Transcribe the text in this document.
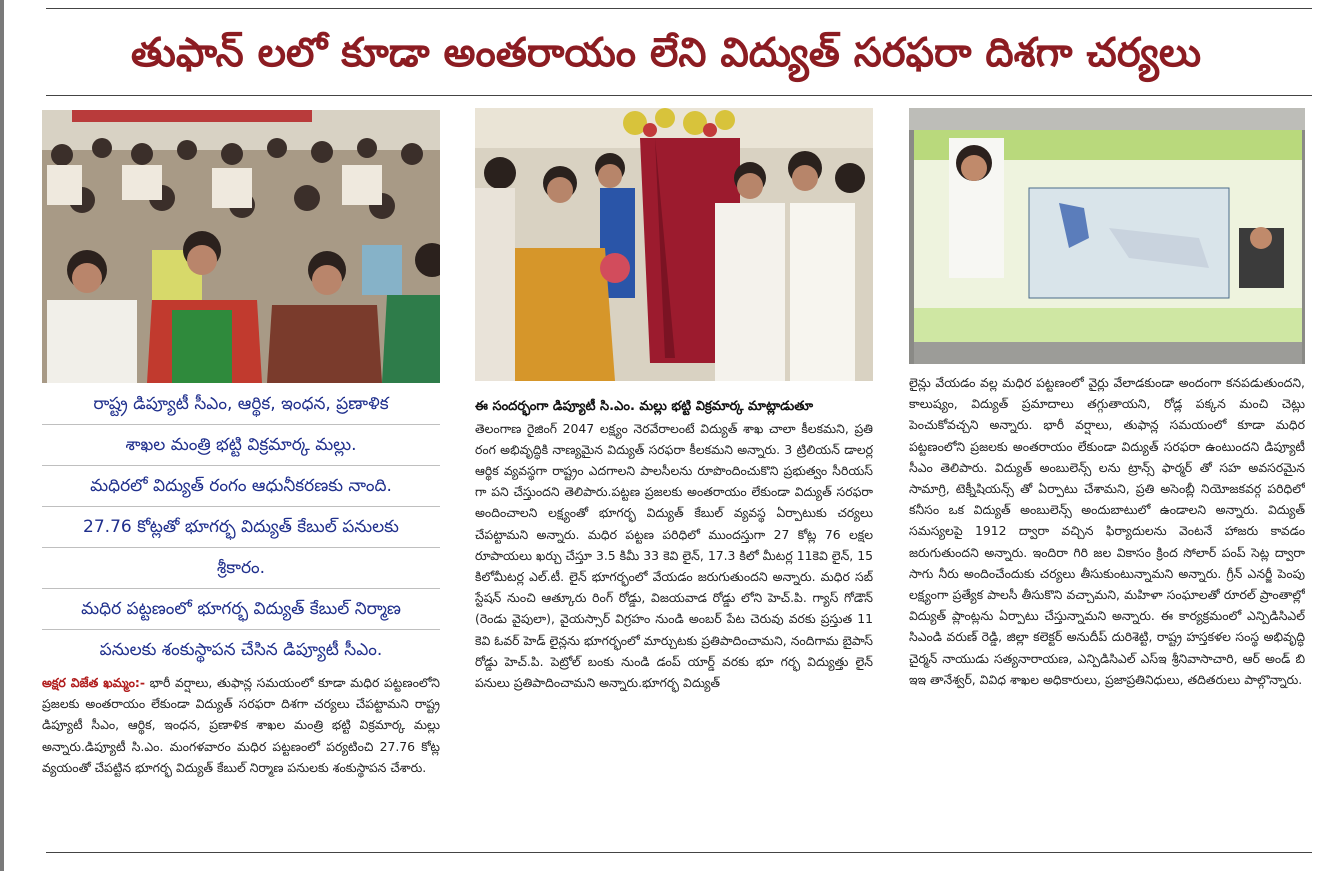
తుఫాన్ లలో కూడా అంతరాయం లేని విద్యుత్ సరఫరా దిశగా చర్యలు
రాష్ట్ర డిప్యూటీ సీఎం, ఆర్థిక, ఇంధన, ప్రణాళిక
శాఖల మంత్రి భట్టి విక్రమార్క మల్లు.
మధిరలో విద్యుత్ రంగం ఆధునీకరణకు నాంది.
27.76 కోట్లతో భూగర్భ విద్యుత్ కేబుల్ పనులకు
శ్రీకారం.
మధిర పట్టణంలో భూగర్భ విద్యుత్ కేబుల్ నిర్మాణ
పనులకు శంకుస్థాపన చేసిన డిప్యూటీ సీఎం.
అక్షర విజేత ఖమ్మం:- భారీ వర్షాలు, తుఫాన్ల సమయంలో కూడా మధిర పట్టణంలోని ప్రజలకు అంతరాయం లేకుండా విద్యుత్ సరఫరా దిశగా చర్యలు చేపట్టామని రాష్ట్ర డిప్యూటీ సీఎం, ఆర్థిక, ఇంధన, ప్రణాళిక శాఖల మంత్రి భట్టి విక్రమార్క మల్లు అన్నారు.డిప్యూటీ సి.ఎం. మంగళవారం మధిర పట్టణంలో పర్యటించి 27.76 కోట్ల వ్యయంతో చేపట్టిన భూగర్భ విద్యుత్ కేబుల్ నిర్మాణ పనులకు శంకుస్థాపన చేశారు.
ఈ సందర్భంగా డిప్యూటీ సి.ఎం. మల్లు భట్టి విక్రమార్క మాట్లాడుతూ
తెలంగాణ రైజింగ్ 2047 లక్ష్యం నెరవేరాలంటే విద్యుత్ శాఖ చాలా కీలకమని, ప్రతి రంగ అభివృద్ధికి నాణ్యమైన విద్యుత్ సరఫరా కీలకమని అన్నారు. 3 ట్రిలియన్ డాలర్ల ఆర్థిక వ్యవస్థగా రాష్ట్రం ఎదగాలని పాలసీలను రూపొందించుకొని ప్రభుత్వం సీరియస్ గా పని చేస్తుందని తెలిపారు.పట్టణ ప్రజలకు అంతరాయం లేకుండా విద్యుత్ సరఫరా అందించాలని లక్ష్యంతో భూగర్భ విద్యుత్ కేబుల్ వ్యవస్థ ఏర్పాటుకు చర్యలు చేపట్టామని అన్నారు. మధిర పట్టణ పరిధిలో ముందస్తుగా 27 కోట్ల 76 లక్షల రూపాయలు ఖర్చు చేస్తూ 3.5 కిమీ 33 కెవి లైన్, 17.3 కిలో మీటర్ల 11కెవి లైన్, 15 కిలోమీటర్ల ఎల్.టీ. లైన్ భూగర్భంలో వేయడం జరుగుతుందని అన్నారు. మధిర సబ్ స్టేషన్ నుంచి ఆత్కూరు రింగ్ రోడ్డు, విజయవాడ రోడ్డు లోని హెచ్.పి. గ్యాస్ గోడౌన్ (రెండు వైపులా), వైయస్సార్ విగ్రహం నుండి అంబర్ పేట చెరువు వరకు ప్రస్తుత 11 కెవి ఓవర్ హెడ్ లైన్లను భూగర్భంలో మార్చుటకు ప్రతిపాదించామని, నందిగామ బైపాస్ రోడ్డు హెచ్.పి. పెట్రోల్ బంకు నుండి డంప్ యార్డ్ వరకు భూ గర్భ విద్యుత్తు లైన్ పనులు ప్రతిపాదించామని అన్నారు.భూగర్భ విద్యుత్
లైన్లు వేయడం వల్ల మధిర పట్టణంలో వైర్లు వేలాడకుండా అందంగా కనపడుతుందని, కాలుష్యం, విద్యుత్ ప్రమాదాలు తగ్గుతాయని, రోడ్ల పక్కన మంచి చెట్లు పెంచుకోవచ్చని అన్నారు. భారీ వర్షాలు, తుఫాన్ల సమయంలో కూడా మధిర పట్టణంలోని ప్రజలకు అంతరాయం లేకుండా విద్యుత్ సరఫరా ఉంటుందని డిప్యూటీ సీఎం తెలిపారు. విద్యుత్ అంబులెన్స్ లను ట్రాన్స్ ఫార్మర్ తో సహ అవసరమైన సామాగ్రి, టెక్నీషియన్స్ తో ఏర్పాటు చేశామని, ప్రతి అసెంబ్లీ నియోజకవర్గ పరిధిలో కనీసం ఒక విద్యుత్ అంబులెన్స్ అందుబాటులో ఉండాలని అన్నారు. విద్యుత్ సమస్యలపై 1912 ద్వారా వచ్చిన ఫిర్యాదులను వెంటనే హాజరు కావడం జరుగుతుందని అన్నారు. ఇందిరా గిరి జల వికాసం క్రింద సోలార్ పంప్ సెట్ల ద్వారా సాగు నీరు అందించేందుకు చర్యలు తీసుకుంటున్నామని అన్నారు. గ్రీన్ ఎనర్జీ పెంపు లక్ష్యంగా ప్రత్యేక పాలసీ తీసుకొని వచ్చామని, మహిళా సంఘాలతో రూరల్ ప్రాంతాల్లో విద్యుత్ ప్లాంట్లను ఏర్పాటు చేస్తున్నామని అన్నారు. ఈ కార్యక్రమంలో ఎన్పిడిసిఎల్ సిఎండి వరుణ్ రెడ్డి, జిల్లా కలెక్టర్ అనుదీప్ దురిశెట్టి, రాష్ట్ర హస్తకళల సంస్థ అభివృద్ధి చైర్మన్ నాయుడు సత్యనారాయణ, ఎన్పిడిసిఎల్ ఎస్ఇ శ్రీనివాసాచారి, ఆర్ అండ్ బి ఇఇ తానేశ్వర్, వివిధ శాఖల అధికారులు, ప్రజాప్రతినిధులు, తదితరులు పాల్గొన్నారు.
